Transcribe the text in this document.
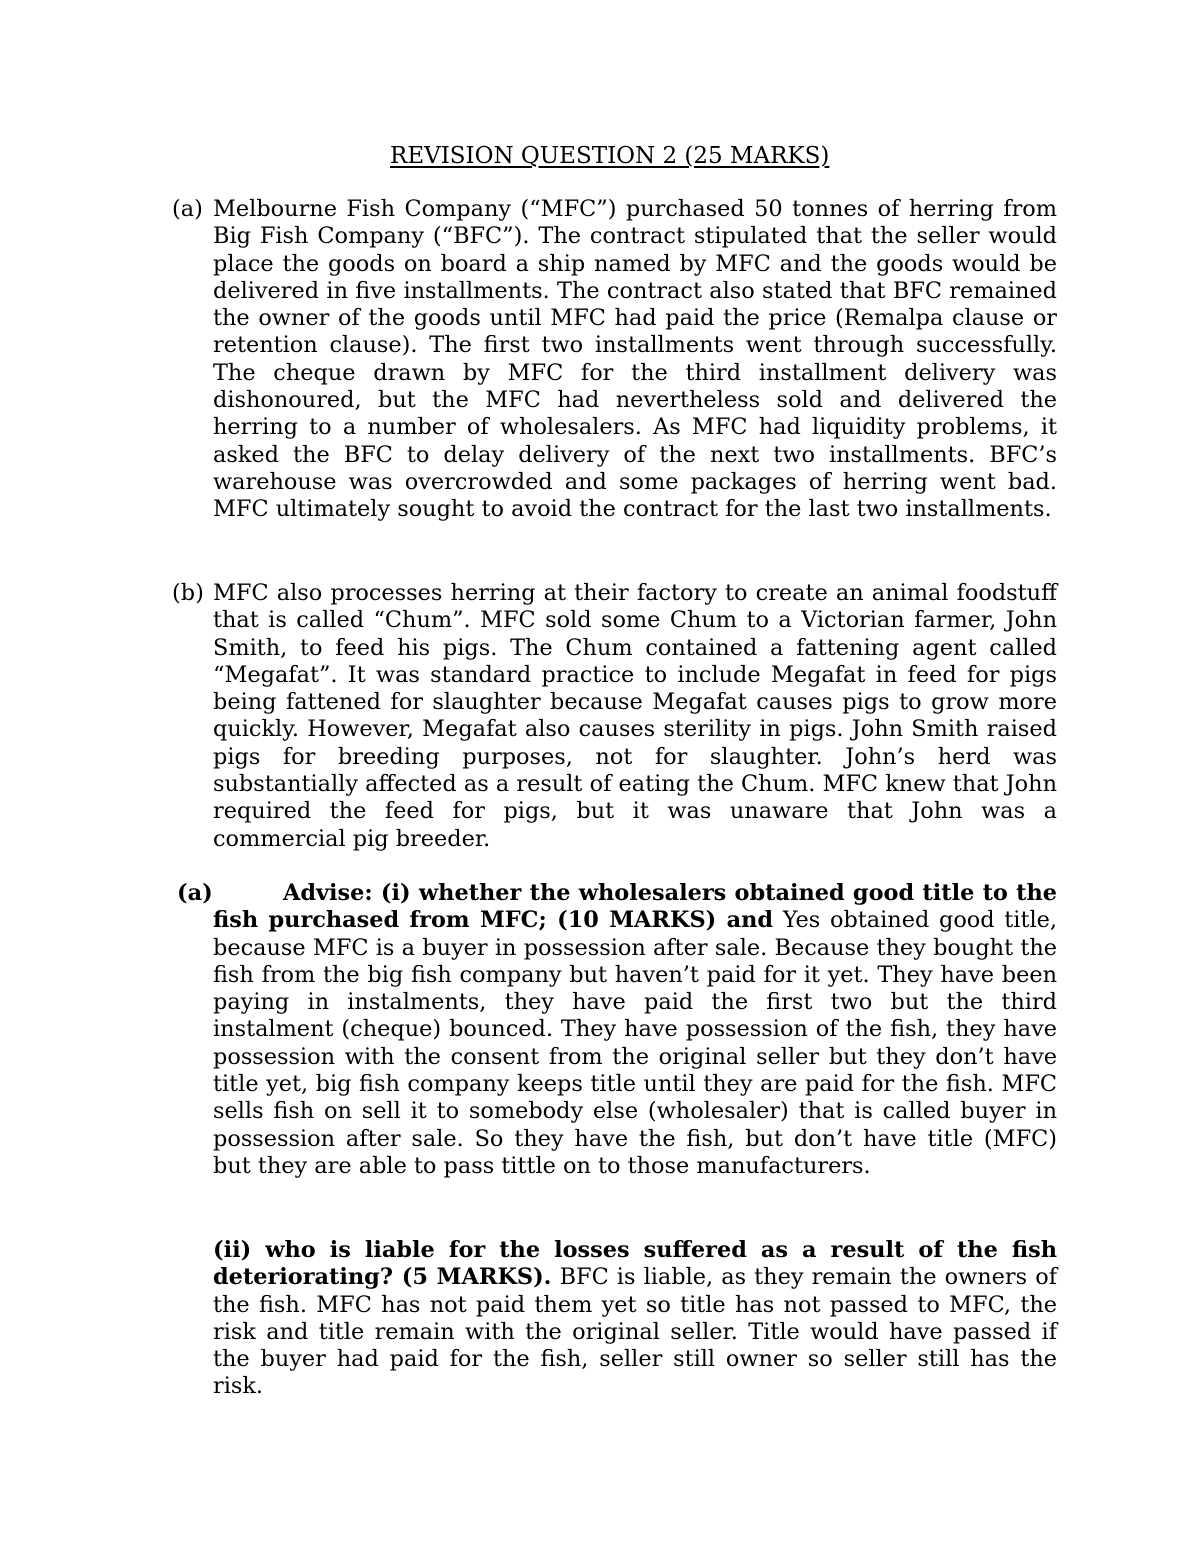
REVISION QUESTION 2 (25 MARKS)
(a) Melbourne Fish Company (“MFC”) purchased 50 tonnes of herring from Big Fish Company (“BFC”). The contract stipulated that the seller would place the goods on board a ship named by MFC and the goods would be delivered in five installments. The contract also stated that BFC remained the owner of the goods until MFC had paid the price (Remalpa clause or retention clause). The first two installments went through successfully. The cheque drawn by MFC for the third installment delivery was dishonoured, but the MFC had nevertheless sold and delivered the herring to a number of wholesalers. As MFC had liquidity problems, it asked the BFC to delay delivery of the next two installments. BFC’s warehouse was overcrowded and some packages of herring went bad. MFC ultimately sought to avoid the contract for the last two installments.
(b) MFC also processes herring at their factory to create an animal foodstuff that is called “Chum”. MFC sold some Chum to a Victorian farmer, John Smith, to feed his pigs. The Chum contained a fattening agent called “Megafat”. It was standard practice to include Megafat in feed for pigs being fattened for slaughter because Megafat causes pigs to grow more quickly. However, Megafat also causes sterility in pigs. John Smith raised pigs for breeding purposes, not for slaughter. John’s herd was substantially affected as a result of eating the Chum. MFC knew that John required the feed for pigs, but it was unaware that John was a commercial pig breeder.
(a)	Advise: (i) whether the wholesalers obtained good title to the fish purchased from MFC; (10 MARKS) and Yes obtained good title, because MFC is a buyer in possession after sale. Because they bought the fish from the big fish company but haven’t paid for it yet. They have been paying in instalments, they have paid the first two but the third instalment (cheque) bounced. They have possession of the fish, they have possession with the consent from the original seller but they don’t have title yet, big fish company keeps title until they are paid for the fish. MFC sells fish on sell it to somebody else (wholesaler) that is called buyer in possession after sale. So they have the fish, but don’t have title (MFC) but they are able to pass tittle on to those manufacturers.
(ii) who is liable for the losses suffered as a result of the fish deteriorating? (5 MARKS). BFC is liable, as they remain the owners of the fish. MFC has not paid them yet so title has not passed to MFC, the risk and title remain with the original seller. Title would have passed if the buyer had paid for the fish, seller still owner so seller still has the risk.
